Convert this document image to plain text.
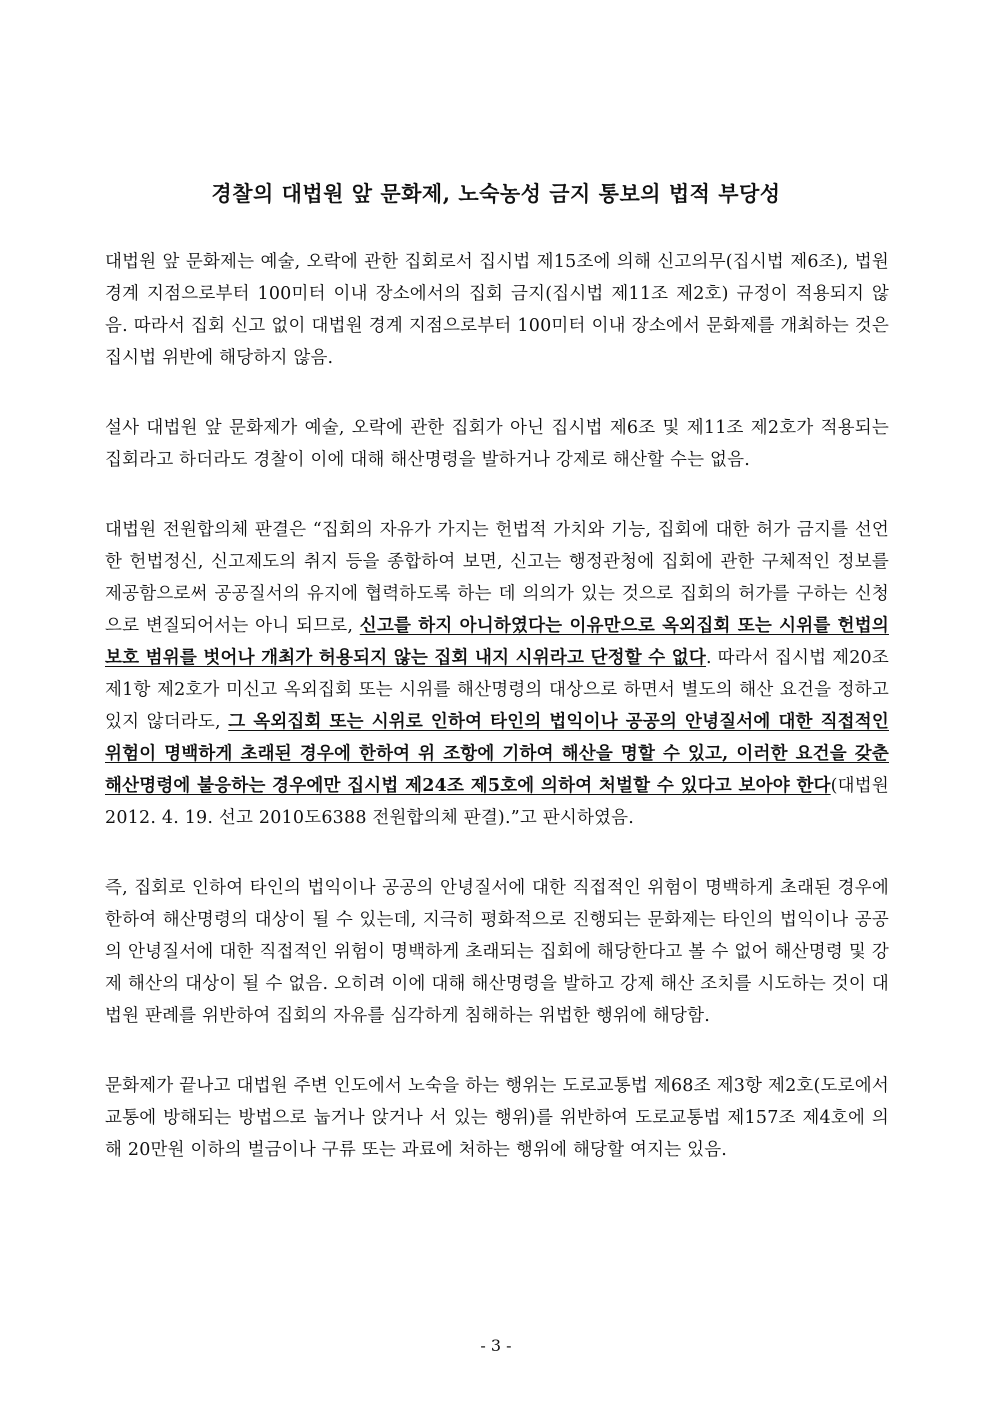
경찰의 대법원 앞 문화제, 노숙농성 금지 통보의 법적 부당성

대법원 앞 문화제는 예술, 오락에 관한 집회로서 집시법 제15조에 의해 신고의무(집시법 제6조), 법원 경계 지점으로부터 100미터 이내 장소에서의 집회 금지(집시법 제11조 제2호) 규정이 적용되지 않음. 따라서 집회 신고 없이 대법원 경계 지점으로부터 100미터 이내 장소에서 문화제를 개최하는 것은 집시법 위반에 해당하지 않음.

설사 대법원 앞 문화제가 예술, 오락에 관한 집회가 아닌 집시법 제6조 및 제11조 제2호가 적용되는 집회라고 하더라도 경찰이 이에 대해 해산명령을 발하거나 강제로 해산할 수는 없음.

대법원 전원합의체 판결은 “집회의 자유가 가지는 헌법적 가치와 기능, 집회에 대한 허가 금지를 선언한 헌법정신, 신고제도의 취지 등을 종합하여 보면, 신고는 행정관청에 집회에 관한 구체적인 정보를 제공함으로써 공공질서의 유지에 협력하도록 하는 데 의의가 있는 것으로 집회의 허가를 구하는 신청으로 변질되어서는 아니 되므로, 신고를 하지 아니하였다는 이유만으로 옥외집회 또는 시위를 헌법의 보호 범위를 벗어나 개최가 허용되지 않는 집회 내지 시위라고 단정할 수 없다. 따라서 집시법 제20조 제1항 제2호가 미신고 옥외집회 또는 시위를 해산명령의 대상으로 하면서 별도의 해산 요건을 정하고 있지 않더라도, 그 옥외집회 또는 시위로 인하여 타인의 법익이나 공공의 안녕질서에 대한 직접적인 위험이 명백하게 초래된 경우에 한하여 위 조항에 기하여 해산을 명할 수 있고, 이러한 요건을 갖춘 해산명령에 불응하는 경우에만 집시법 제24조 제5호에 의하여 처벌할 수 있다고 보아야 한다(대법원 2012. 4. 19. 선고 2010도6388 전원합의체 판결).”고 판시하였음.

즉, 집회로 인하여 타인의 법익이나 공공의 안녕질서에 대한 직접적인 위험이 명백하게 초래된 경우에 한하여 해산명령의 대상이 될 수 있는데, 지극히 평화적으로 진행되는 문화제는 타인의 법익이나 공공의 안녕질서에 대한 직접적인 위험이 명백하게 초래되는 집회에 해당한다고 볼 수 없어 해산명령 및 강제 해산의 대상이 될 수 없음. 오히려 이에 대해 해산명령을 발하고 강제 해산 조치를 시도하는 것이 대법원 판례를 위반하여 집회의 자유를 심각하게 침해하는 위법한 행위에 해당함.

문화제가 끝나고 대법원 주변 인도에서 노숙을 하는 행위는 도로교통법 제68조 제3항 제2호(도로에서 교통에 방해되는 방법으로 눕거나 앉거나 서 있는 행위)를 위반하여 도로교통법 제157조 제4호에 의해 20만원 이하의 벌금이나 구류 또는 과료에 처하는 행위에 해당할 여지는 있음.

- 3 -
